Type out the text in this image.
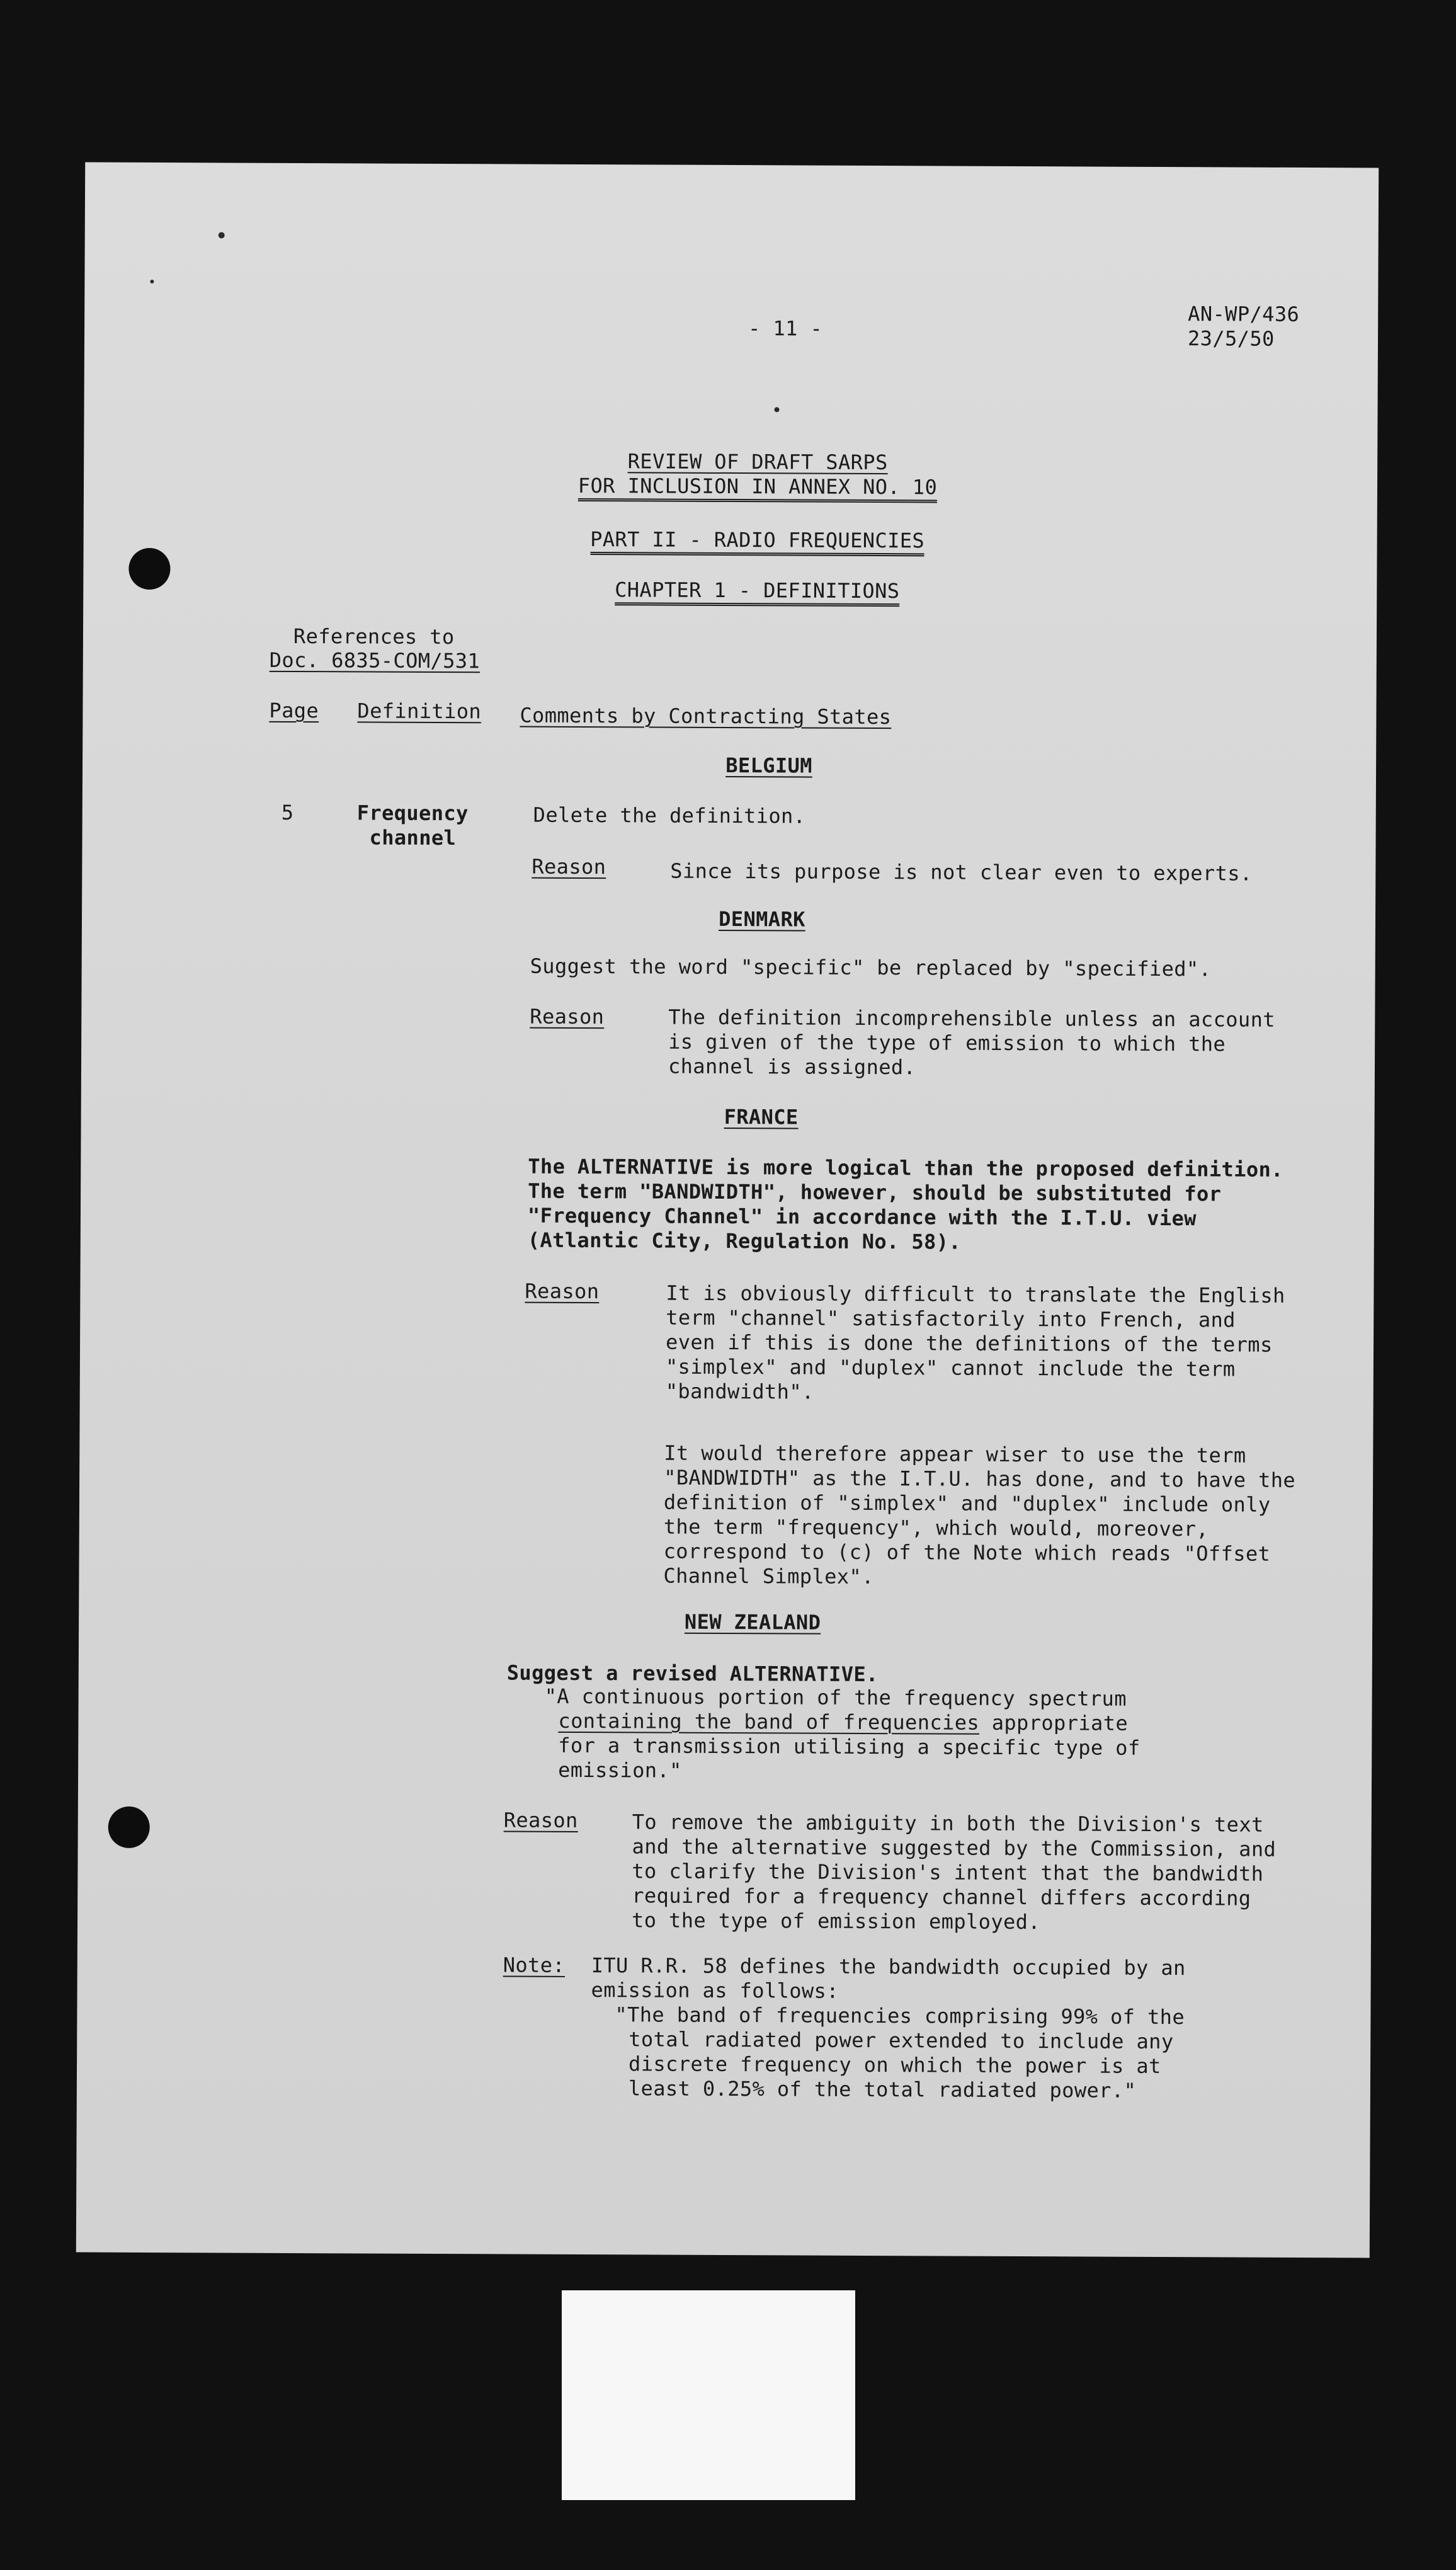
- 11 -
AN-WP/436
23/5/50
REVIEW OF DRAFT SARPS
FOR INCLUSION IN ANNEX NO. 10
PART II - RADIO FREQUENCIES
CHAPTER 1 - DEFINITIONS
References to
Doc. 6835-COM/531
Page Definition Comments by Contracting States
BELGIUM
5	Frequency
channel
Delete the definition.
Reason	Since its purpose is not clear even to experts.
DENMARK
Suggest the word "specific" be replaced by "specified".
Reason	The definition incomprehensible unless an account
is given of the type of emission to which the
channel is assigned.
FRANCE
The ALTERNATIVE is more logical than the proposed definition.
The term "BANDWIDTH", however, should be substituted for
"Frequency Channel" in accordance with the I.T.U. view
(Atlantic City, Regulation No. 58).
Reason	It is obviously difficult to translate the English
term "channel" satisfactorily into French, and
even if this is done the definitions of the terms
"simplex" and "duplex" cannot include the term
"bandwidth".
It would therefore appear wiser to use the term
"BANDWIDTH" as the I.T.U. has done, and to have the
definition of "simplex" and "duplex" include only
the term "frequency", which would, moreover,
correspond to (c) of the Note which reads "Offset
Channel Simplex".
NEW ZEALAND
Suggest a revised ALTERNATIVE.
"A continuous portion of the frequency spectrum
containing the band of frequencies appropriate
for a transmission utilising a specific type of
emission."
Reason	To remove the ambiguity in both the Division's text
and the alternative suggested by the Commission, and
to clarify the Division's intent that the bandwidth
required for a frequency channel differs according
to the type of emission employed.
Note: ITU R.R. 58 defines the bandwidth occupied by an
emission as follows:
"The band of frequencies comprising 99% of the
total radiated power extended to include any
discrete frequency on which the power is at
least 0.25% of the total radiated power."
